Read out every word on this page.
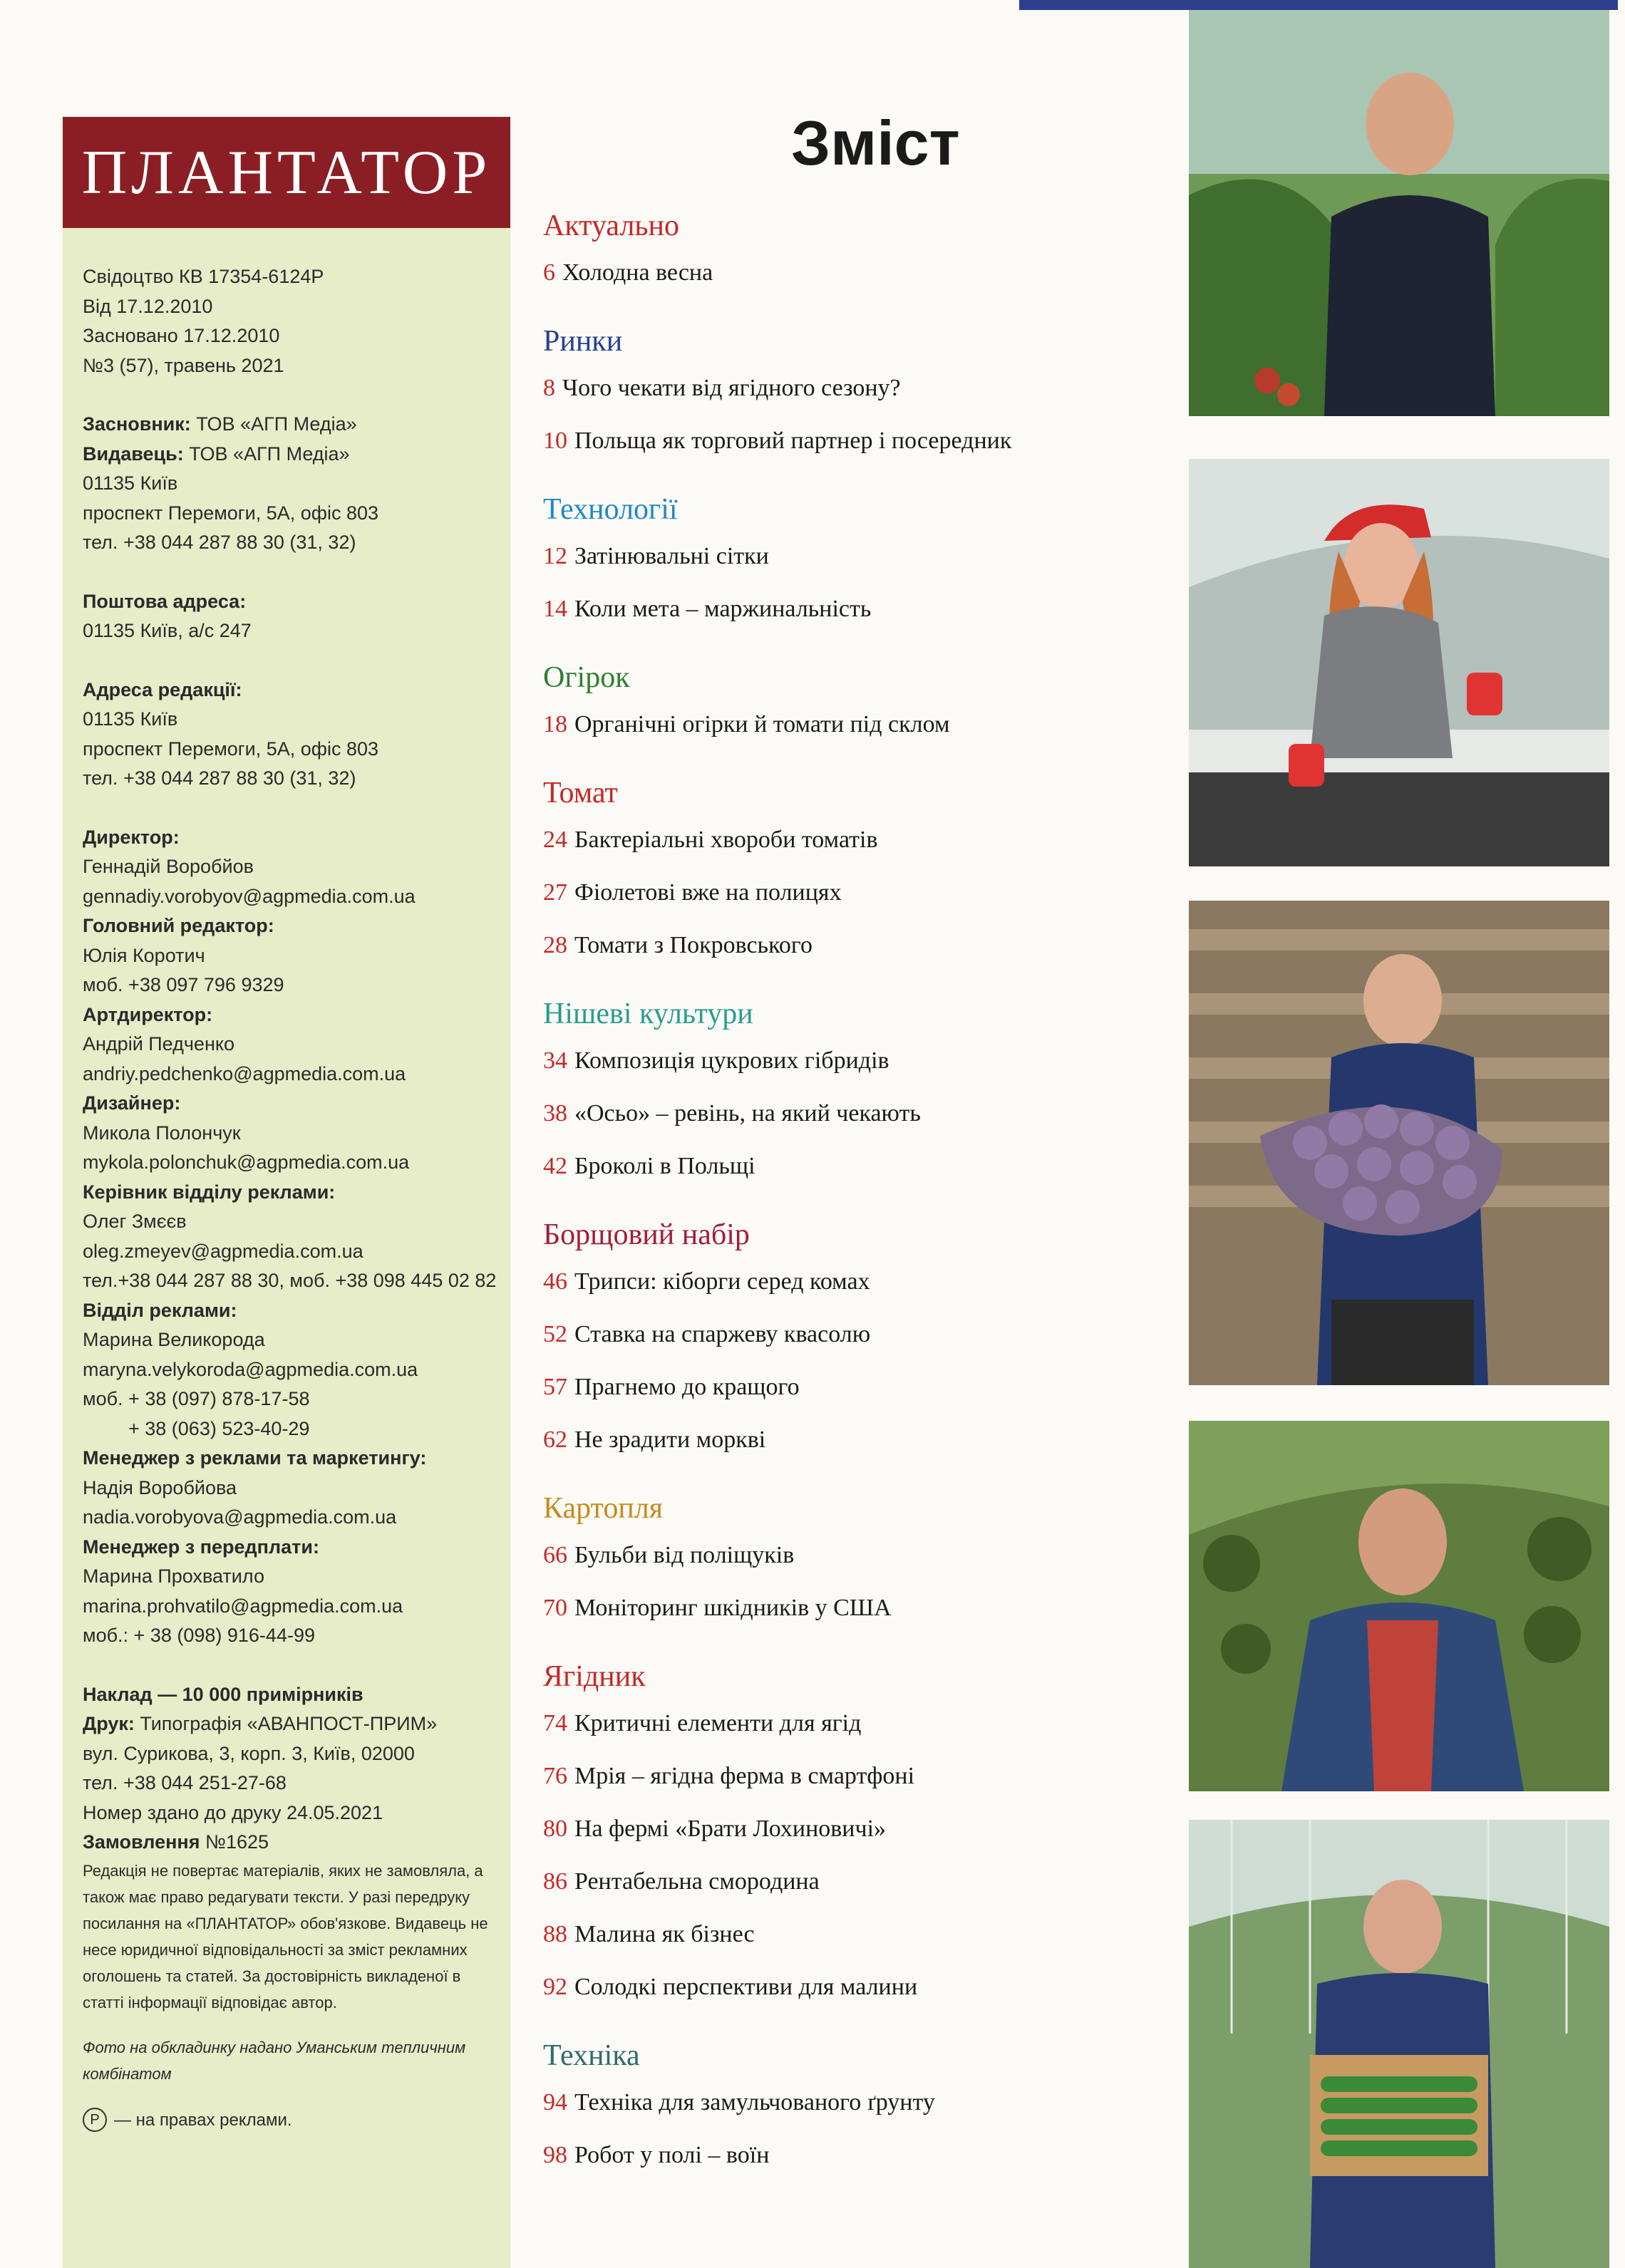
ПЛАНТАТОР
Свідоцтво КВ 17354-6124Р
Від 17.12.2010
Засновано 17.12.2010
№3 (57), травень 2021
Засновник: ТОВ «АГП Медіа»
Видавець: ТОВ «АГП Медіа»
01135 Київ
проспект Перемоги, 5А, офіс 803
тел. +38 044 287 88 30 (31, 32)
Поштова адреса:
01135 Київ, а/с 247
Адреса редакції:
01135 Київ
проспект Перемоги, 5А, офіс 803
тел. +38 044 287 88 30 (31, 32)
Директор:
Геннадій Воробйов
gennadiy.vorobyov@agpmedia.com.ua
Головний редактор:
Юлія Коротич
моб. +38 097 796 9329
Артдиректор:
Андрій Педченко
andriy.pedchenko@agpmedia.com.ua
Дизайнер:
Микола Полончук
mykola.polonchuk@agpmedia.com.ua
Керівник відділу реклами:
Олег Змєєв
oleg.zmeyev@agpmedia.com.ua
тел.+38 044 287 88 30, моб. +38 098 445 02 82
Відділ реклами:
Марина Великорода
maryna.velykoroda@agpmedia.com.ua
моб. + 38 (097) 878-17-58
+ 38 (063) 523-40-29
Менеджер з реклами та маркетингу:
Надія Воробйова
nadia.vorobyova@agpmedia.com.ua
Менеджер з передплати:
Марина Прохватило
marina.prohvatilo@agpmedia.com.ua
моб.: + 38 (098) 916-44-99
Наклад — 10 000 примірників
Друк: Типографія «АВАНПОСТ-ПРИМ»
вул. Сурикова, 3, корп. 3, Київ, 02000
тел. +38 044 251-27-68
Номер здано до друку 24.05.2021
Замовлення №1625
Редакція не повертає матеріалів, яких не замовляла, а також має право редагувати тексти. У разі передруку посилання на «ПЛАНТАТОР» обов'язкове. Видавець не несе юридичної відповідальності за зміст рекламних оголошень та статей. За достовірність викладеної в статті інформації відповідає автор.
Фото на обкладинку надано Уманським тепличним комбінатом
Р — на правах реклами.
Зміст
Актуально
6 Холодна весна
Ринки
8 Чого чекати від ягідного сезону?
10 Польща як торговий партнер і посередник
Технології
12 Затінювальні сітки
14 Коли мета – маржинальність
Огірок
18 Органічні огірки й томати під склом
Томат
24 Бактеріальні хвороби томатів
27 Фіолетові вже на полицях
28 Томати з Покровського
Нішеві культури
34 Композиція цукрових гібридів
38 «Осьо» – ревінь, на який чекають
42 Броколі в Польщі
Борщовий набір
46 Трипси: кіборги серед комах
52 Ставка на спаржеву квасолю
57 Прагнемо до кращого
62 Не зрадити моркві
Картопля
66 Бульби від поліщуків
70 Моніторинг шкідників у США
Ягідник
74 Критичні елементи для ягід
76 Мрія – ягідна ферма в смартфоні
80 На фермі «Брати Лохиновичі»
86 Рентабельна смородина
88 Малина як бізнес
92 Солодкі перспективи для малини
Техніка
94 Техніка для замульчованого ґрунту
98 Робот у полі – воїн
